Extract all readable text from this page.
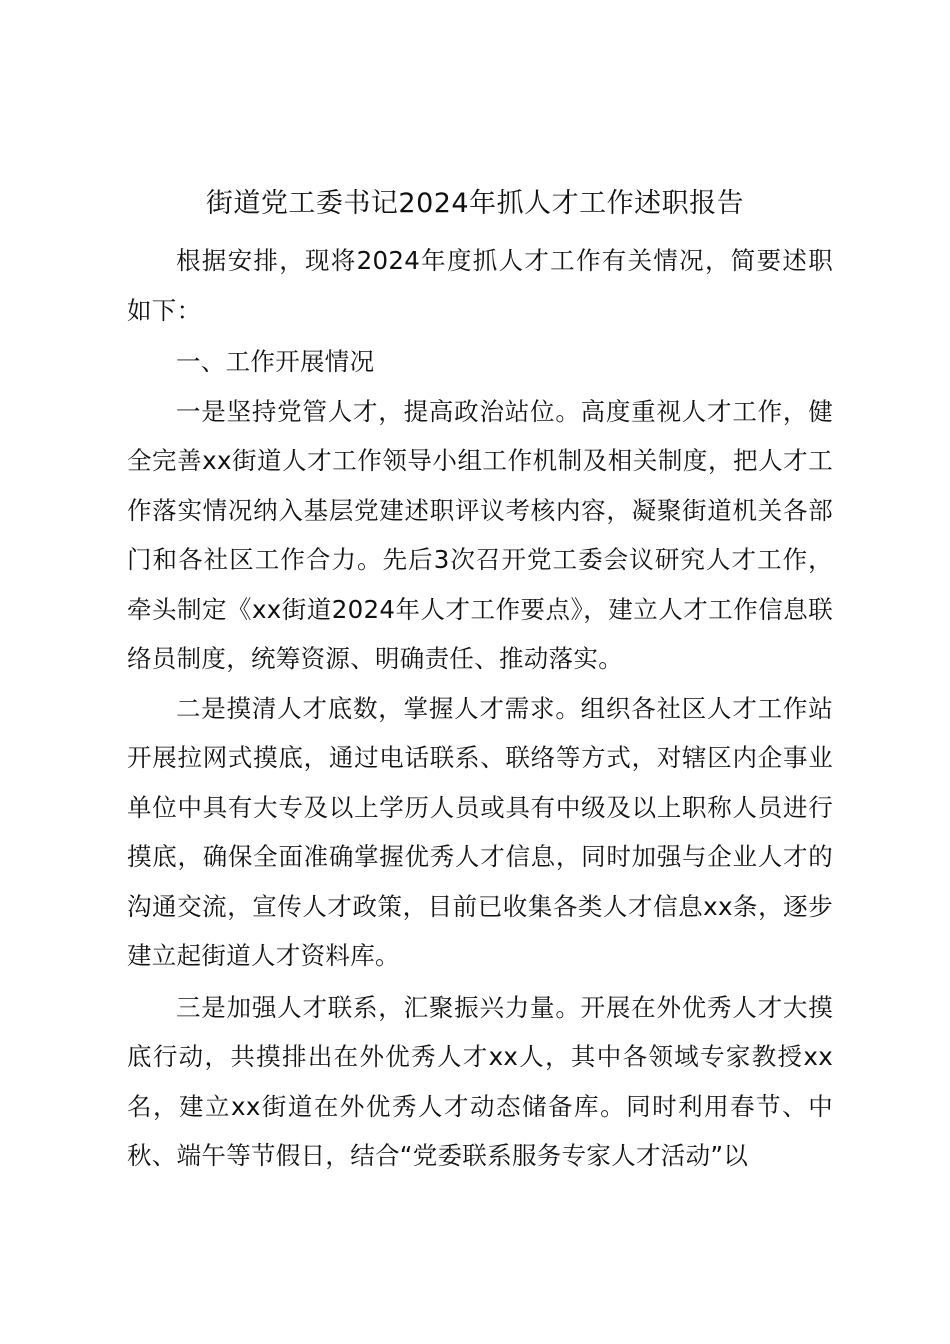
街道党工委书记2024年抓人才工作述职报告

根据安排，现将2024年度抓人才工作有关情况，简要述职如下：

一、工作开展情况

一是坚持党管人才，提高政治站位。高度重视人才工作，健全完善xx街道人才工作领导小组工作机制及相关制度，把人才工作落实情况纳入基层党建述职评议考核内容，凝聚街道机关各部门和各社区工作合力。先后3次召开党工委会议研究人才工作，牵头制定《xx街道2024年人才工作要点》，建立人才工作信息联络员制度，统筹资源、明确责任、推动落实。

二是摸清人才底数，掌握人才需求。组织各社区人才工作站开展拉网式摸底，通过电话联系、联络等方式，对辖区内企事业单位中具有大专及以上学历人员或具有中级及以上职称人员进行摸底，确保全面准确掌握优秀人才信息，同时加强与企业人才的沟通交流，宣传人才政策，目前已收集各类人才信息xx条，逐步建立起街道人才资料库。

三是加强人才联系，汇聚振兴力量。开展在外优秀人才大摸底行动，共摸排出在外优秀人才xx人，其中各领域专家教授xx名，建立xx街道在外优秀人才动态储备库。同时利用春节、中秋、端午等节假日，结合“党委联系服务专家人才活动”以
